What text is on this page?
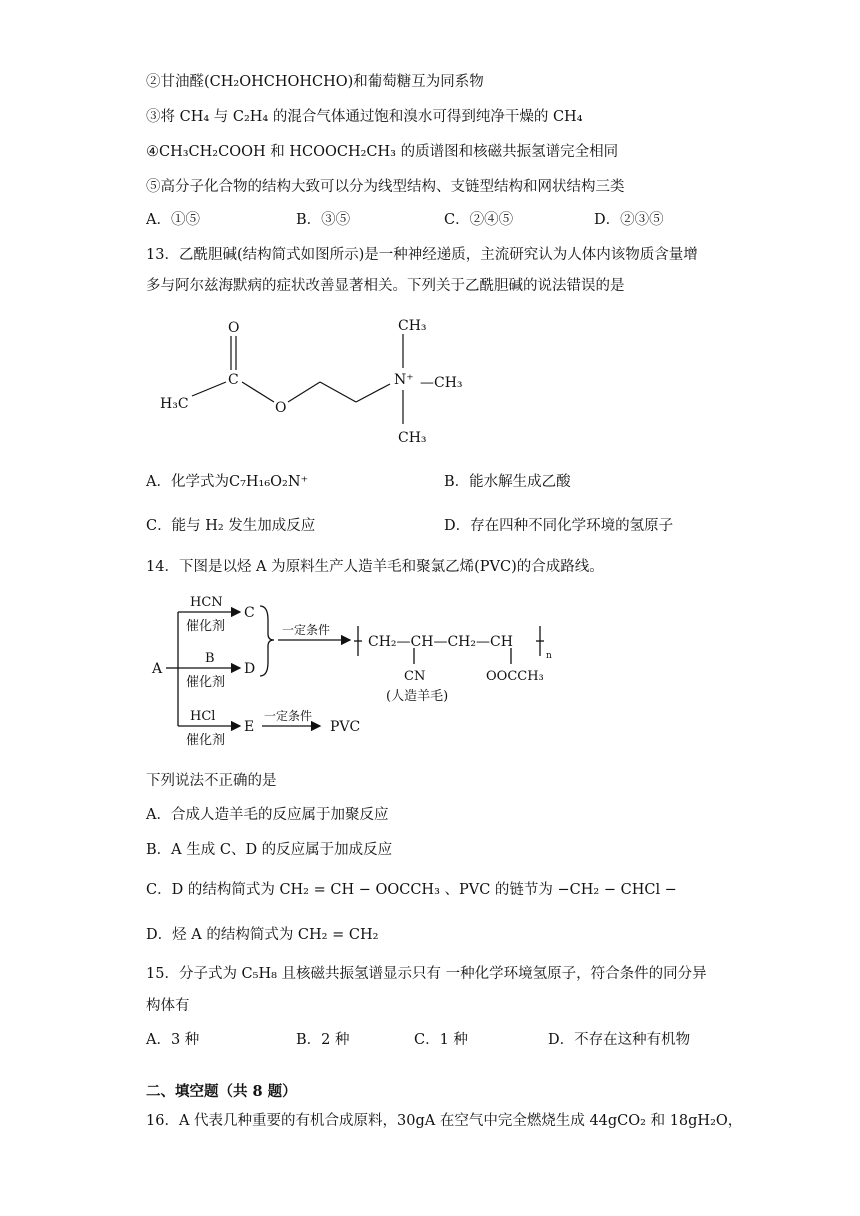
②甘油醛(CH₂OHCHOHCHO)和葡萄糖互为同系物
③将 CH₄ 与 C₂H₄ 的混合气体通过饱和溴水可得到纯净干燥的 CH₄
④CH₃CH₂COOH 和 HCOOCH₂CH₃ 的质谱图和核磁共振氢谱完全相同
⑤高分子化合物的结构大致可以分为线型结构、支链型结构和网状结构三类
A．①⑤	B．③⑤	C．②④⑤	D．②③⑤
13．乙酰胆碱(结构简式如图所示)是一种神经递质，主流研究认为人体内该物质含量增
多与阿尔兹海默病的症状改善显著相关。下列关于乙酰胆碱的说法错误的是
O
C
H₃C	O
N⁺
CH₃
—CH₃
CH₃
A．化学式为C₇H₁₆O₂N⁺	B．能水解生成乙酸
C．能与 H₂ 发生加成反应	D．存在四种不同化学环境的氢原子
14．下图是以烃 A 为原料生产人造羊毛和聚氯乙烯(PVC)的合成路线。
A
HCN
催化剂
C
B
催化剂
D
HCl
催化剂
E
一定条件
一定条件
CH₂—CH—CH₂—CH
n
CN	OOCCH₃
(人造羊毛)
PVC
下列说法不正确的是
A．合成人造羊毛的反应属于加聚反应
B．A 生成 C、D 的反应属于加成反应
C．D 的结构简式为 CH₂ = CH − OOCCH₃ 、PVC 的链节为 −CH₂ − CHCl −
D．烃 A 的结构简式为 CH₂ = CH₂
15．分子式为 C₅H₈ 且核磁共振氢谱显示只有 一种化学环境氢原子，符合条件的同分异
构体有
A．3 种	B．2 种	C．1 种	D．不存在这种有机物
二、填空题（共 8 题）
16．A 代表几种重要的有机合成原料，30gA 在空气中完全燃烧生成 44gCO₂ 和 18gH₂O，
